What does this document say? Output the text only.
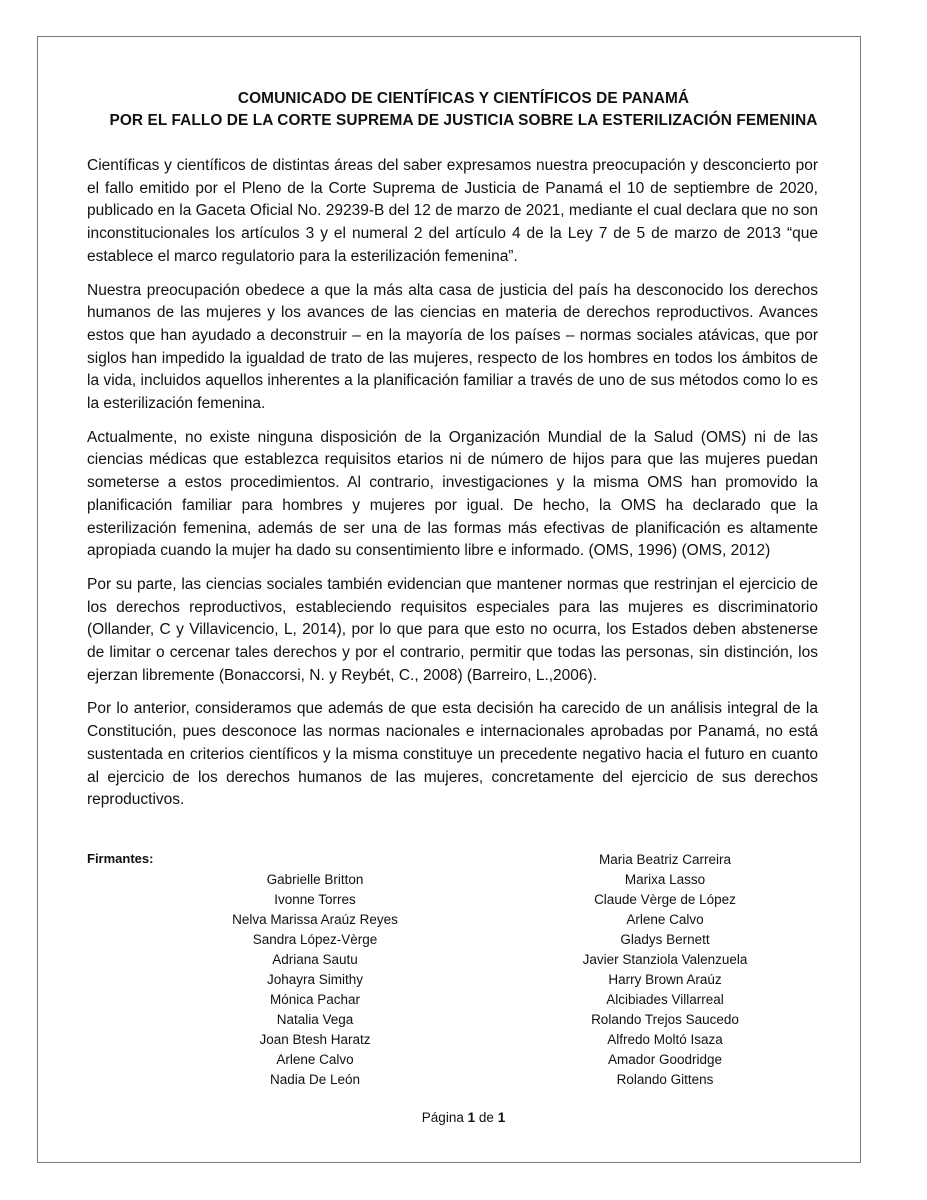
COMUNICADO DE CIENTÍFICAS Y CIENTÍFICOS DE PANAMÁ
POR EL FALLO DE LA CORTE SUPREMA DE JUSTICIA SOBRE LA ESTERILIZACIÓN FEMENINA

Científicas y científicos de distintas áreas del saber expresamos nuestra preocupación y desconcierto por el fallo emitido por el Pleno de la Corte Suprema de Justicia de Panamá el 10 de septiembre de 2020, publicado en la Gaceta Oficial No. 29239-B del 12 de marzo de 2021, mediante el cual declara que no son inconstitucionales los artículos 3 y el numeral 2 del artículo 4 de la Ley 7 de 5 de marzo de 2013 “que establece el marco regulatorio para la esterilización femenina”.

Nuestra preocupación obedece a que la más alta casa de justicia del país ha desconocido los derechos humanos de las mujeres y los avances de las ciencias en materia de derechos reproductivos. Avances estos que han ayudado a deconstruir – en la mayoría de los países – normas sociales atávicas, que por siglos han impedido la igualdad de trato de las mujeres, respecto de los hombres en todos los ámbitos de la vida, incluidos aquellos inherentes a la planificación familiar a través de uno de sus métodos como lo es la esterilización femenina.

Actualmente, no existe ninguna disposición de la Organización Mundial de la Salud (OMS) ni de las ciencias médicas que establezca requisitos etarios ni de número de hijos para que las mujeres puedan someterse a estos procedimientos. Al contrario, investigaciones y la misma OMS han promovido la planificación familiar para hombres y mujeres por igual. De hecho, la OMS ha declarado que la esterilización femenina, además de ser una de las formas más efectivas de planificación es altamente apropiada cuando la mujer ha dado su consentimiento libre e informado. (OMS, 1996) (OMS, 2012)

Por su parte, las ciencias sociales también evidencian que mantener normas que restrinjan el ejercicio de los derechos reproductivos, estableciendo requisitos especiales para las mujeres es discriminatorio (Ollander, C y Villavicencio, L, 2014), por lo que para que esto no ocurra, los Estados deben abstenerse de limitar o cercenar tales derechos y por el contrario, permitir que todas las personas, sin distinción, los ejerzan libremente (Bonaccorsi, N. y Reybét, C., 2008) (Barreiro, L.,2006).

Por lo anterior, consideramos que además de que esta decisión ha carecido de un análisis integral de la Constitución, pues desconoce las normas nacionales e internacionales aprobadas por Panamá, no está sustentada en criterios científicos y la misma constituye un precedente negativo hacia el futuro en cuanto al ejercicio de los derechos humanos de las mujeres, concretamente del ejercicio de sus derechos reproductivos.

Firmantes:
Gabrielle Britton
Ivonne Torres
Nelva Marissa Araúz Reyes
Sandra López-Vèrge
Adriana Sautu
Johayra Simithy
Mónica Pachar
Natalia Vega
Joan Btesh Haratz
Arlene Calvo
Nadia De León
Maria Beatriz Carreira
Marixa Lasso
Claude Vèrge de López
Arlene Calvo
Gladys Bernett
Javier Stanziola Valenzuela
Harry Brown Araúz
Alcibiades Villarreal
Rolando Trejos Saucedo
Alfredo Moltó Isaza
Amador Goodridge
Rolando Gittens
Página 1 de 1
